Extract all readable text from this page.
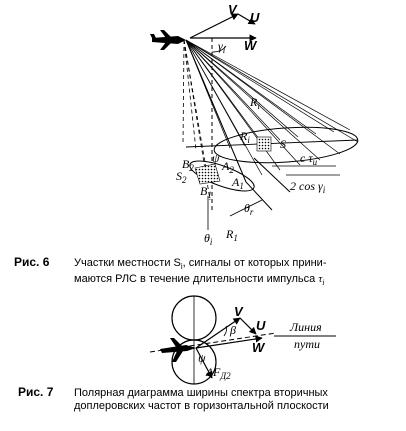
V
U
W
$\gamma_i$
$R_i$
$R_i$	S
c $\tau_u$
2 $\cos \gamma_i$
$B_2$
ψ
$A_2$
$S_2$	$A_1$
$B_1$
$\theta_r$
$\theta_i$
$R_1$
V
U
β
W
ψ
$\Delta F_{Д2}$
Линия
пути
Рис. 6 Участки местности $S_i$, сигналы от которых прини-
маются РЛС в течение длительности импульса $\tau_i$
Рис. 7 Полярная диаграмма ширины спектра вторичных
доплеровских частот в горизонтальной плоскости
